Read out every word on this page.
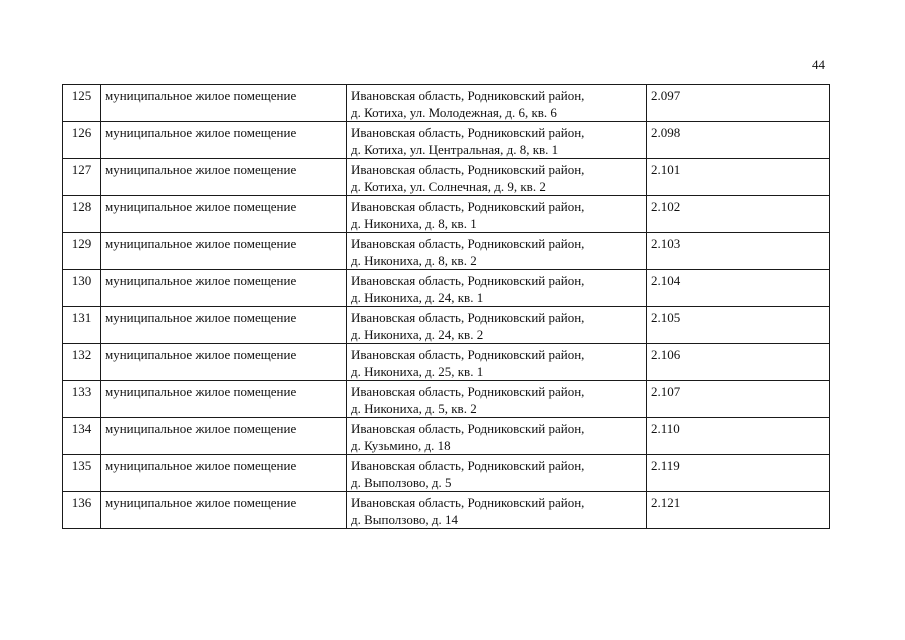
44
125	муниципальное жилое помещение	Ивановская область, Родниковский район,
д. Котиха, ул. Молодежная, д. 6, кв. 6	2.097
126	муниципальное жилое помещение	Ивановская область, Родниковский район,
д. Котиха, ул. Центральная, д. 8, кв. 1	2.098
127	муниципальное жилое помещение	Ивановская область, Родниковский район,
д. Котиха, ул. Солнечная, д. 9, кв. 2	2.101
128	муниципальное жилое помещение	Ивановская область, Родниковский район,
д. Никониха, д. 8, кв. 1	2.102
129	муниципальное жилое помещение	Ивановская область, Родниковский район,
д. Никониха, д. 8, кв. 2	2.103
130	муниципальное жилое помещение	Ивановская область, Родниковский район,
д. Никониха, д. 24, кв. 1	2.104
131	муниципальное жилое помещение	Ивановская область, Родниковский район,
д. Никониха, д. 24, кв. 2	2.105
132	муниципальное жилое помещение	Ивановская область, Родниковский район,
д. Никониха, д. 25, кв. 1	2.106
133	муниципальное жилое помещение	Ивановская область, Родниковский район,
д. Никониха, д. 5, кв. 2	2.107
134	муниципальное жилое помещение	Ивановская область, Родниковский район,
д. Кузьмино, д. 18	2.110
135	муниципальное жилое помещение	Ивановская область, Родниковский район,
д. Выползово, д. 5	2.119
136	муниципальное жилое помещение	Ивановская область, Родниковский район,
д. Выползово, д. 14	2.121
